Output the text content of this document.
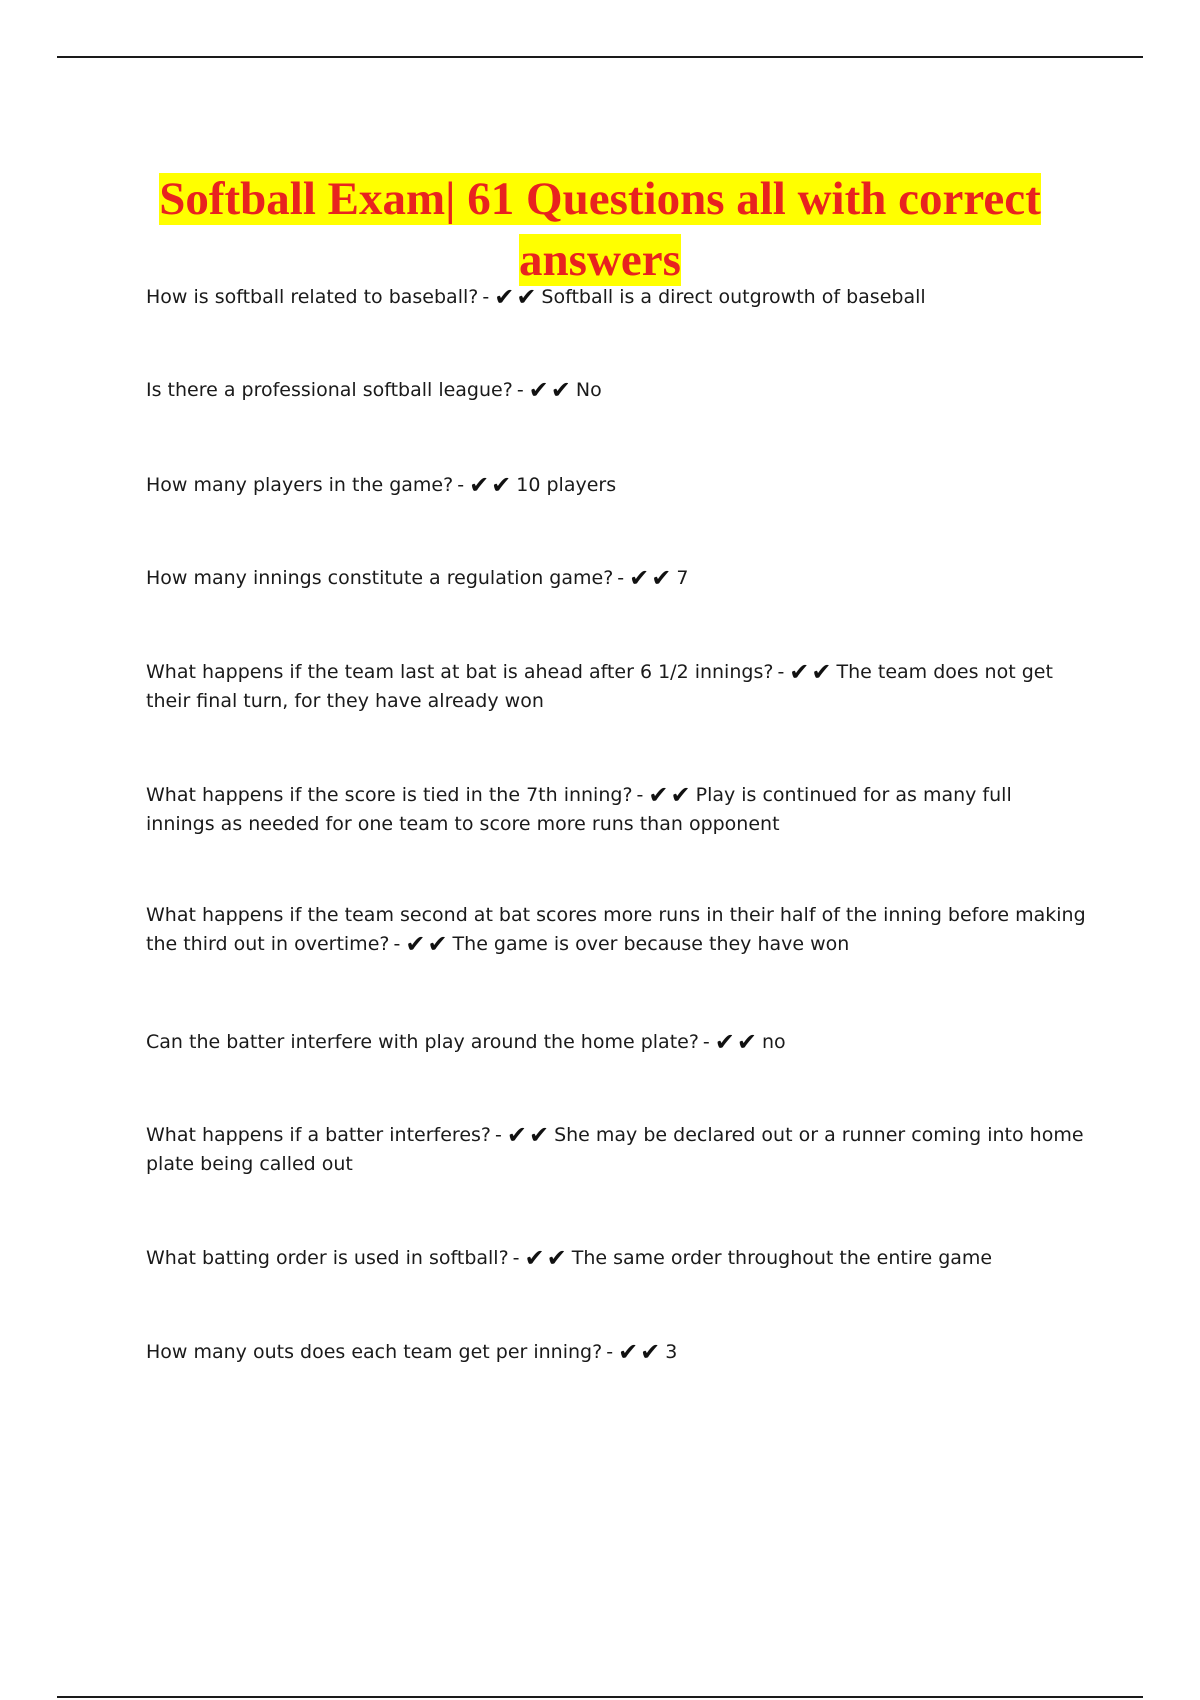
Softball Exam| 61 Questions all with correct answers

How is softball related to baseball? - ✔✔ Softball is a direct outgrowth of baseball

Is there a professional softball league? - ✔✔ No

How many players in the game? - ✔✔ 10 players

How many innings constitute a regulation game? - ✔✔ 7

What happens if the team last at bat is ahead after 6 1/2 innings? - ✔✔ The team does not get their final turn, for they have already won

What happens if the score is tied in the 7th inning? - ✔✔ Play is continued for as many full innings as needed for one team to score more runs than opponent

What happens if the team second at bat scores more runs in their half of the inning before making the third out in overtime? - ✔✔ The game is over because they have won

Can the batter interfere with play around the home plate? - ✔✔ no

What happens if a batter interferes? - ✔✔ She may be declared out or a runner coming into home plate being called out

What batting order is used in softball? - ✔✔ The same order throughout the entire game

How many outs does each team get per inning? - ✔✔ 3
